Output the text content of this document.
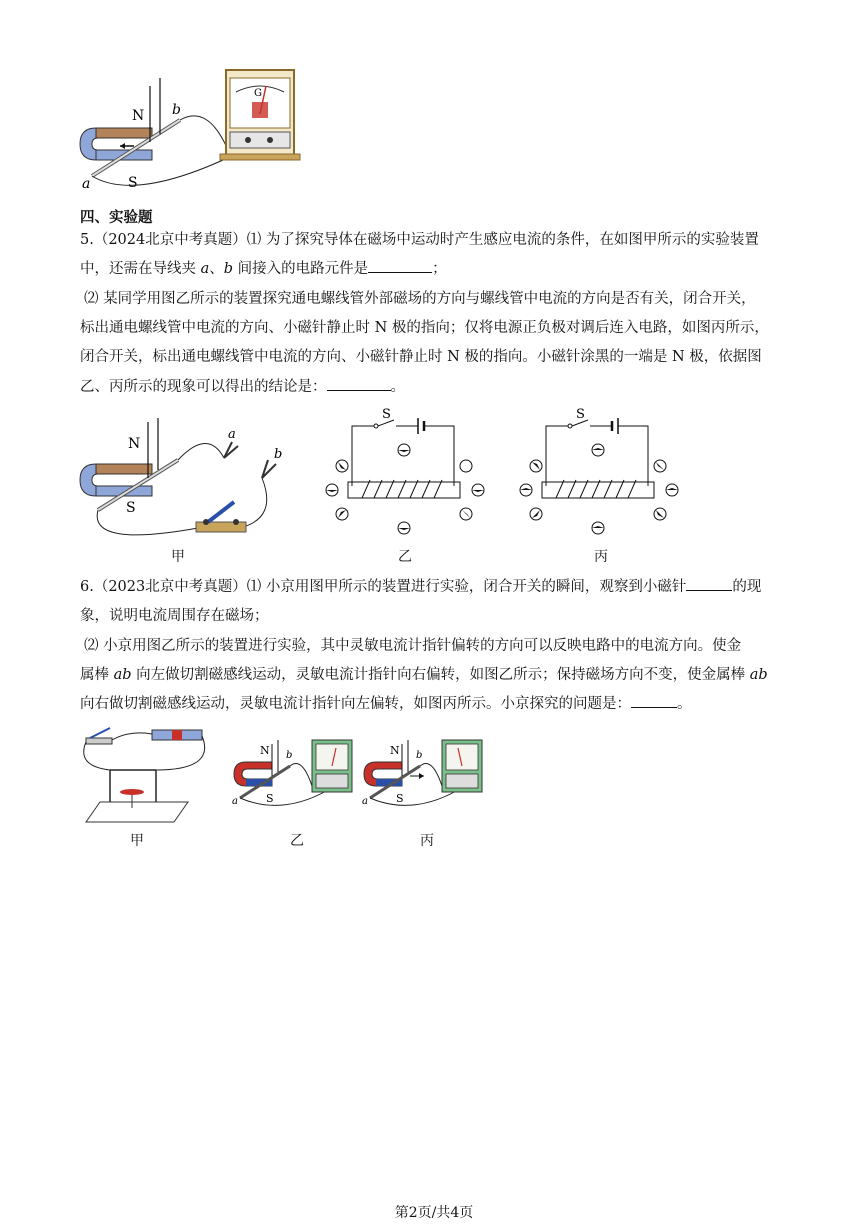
N
S
a
b
G
四、实验题
5.（2024北京中考真题）⑴ 为了探究导体在磁场中运动时产生感应电流的条件，在如图甲所示的实验装置
中，还需在导线夹 a、b 间接入的电路元件是	；
⑵ 某同学用图乙所示的装置探究通电螺线管外部磁场的方向与螺线管中电流的方向是否有关，闭合开关，
标出通电螺线管中电流的方向、小磁针静止时 N 极的指向；仅将电源正负极对调后连入电路，如图丙所示，
闭合开关，标出通电螺线管中电流的方向、小磁针静止时 N 极的指向。小磁针涂黑的一端是 N 极，依据图
乙、丙所示的现象可以得出的结论是：	。
N
S
a
b
甲
S
乙
S
丙
6.（2023北京中考真题）⑴ 小京用图甲所示的装置进行实验，闭合开关的瞬间，观察到小磁针	的现
象，说明电流周围存在磁场；
⑵ 小京用图乙所示的装置进行实验，其中灵敏电流计指针偏转的方向可以反映电路中的电流方向。使金
属棒 ab 向左做切割磁感线运动，灵敏电流计指针向右偏转，如图乙所示；保持磁场方向不变，使金属棒 ab
向右做切割磁感线运动，灵敏电流计指针向左偏转，如图丙所示。小京探究的问题是：	。
甲
N
S
a
b
乙
N
S
a
b
丙
第2页/共4页
